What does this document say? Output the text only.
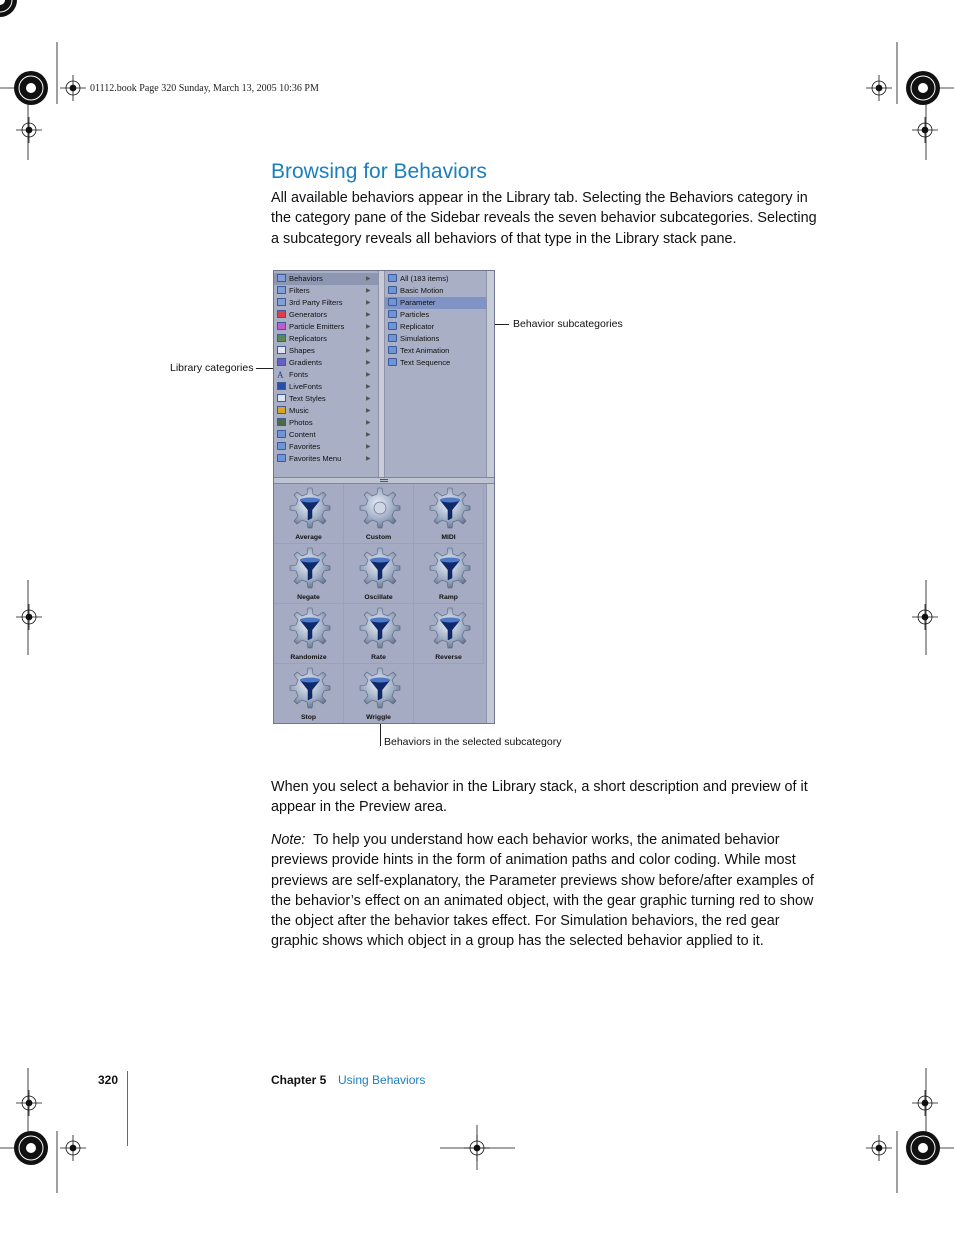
01112.book Page 320 Sunday, March 13, 2005 10:36 PM
Browsing for Behaviors

All available behaviors appear in the Library tab. Selecting the Behaviors category in the category pane of the Sidebar reveals the seven behavior subcategories. Selecting a subcategory reveals all behaviors of that type in the Library stack pane.

Library categories
Behavior subcategories
Behaviors in the selected subcategory
Behaviors	▶
Filters	▶
3rd Party Filters	▶
Generators	▶
Particle Emitters	▶
Replicators	▶
Shapes	▶
Gradients	▶
A Fonts	▶
LiveFonts	▶
Text Styles	▶
Music	▶
Photos	▶
Content	▶
Favorites	▶
Favorites Menu	▶
All (183 items)
Basic Motion
Parameter
Particles
Replicator
Simulations
Text Animation
Text Sequence
Average	Custom	MIDI
Negate	Oscillate	Ramp
Randomize	Rate	Reverse
Stop	Wriggle

When you select a behavior in the Library stack, a short description and preview of it appear in the Preview area.

Note: To help you understand how each behavior works, the animated behavior previews provide hints in the form of animation paths and color coding. While most previews are self-explanatory, the Parameter previews show before/after examples of the behavior’s effect on an animated object, with the gear graphic turning red to show the object after the behavior takes effect. For Simulation behaviors, the red gear graphic shows which object in a group has the selected behavior applied to it.

320	Chapter 5 Using Behaviors
